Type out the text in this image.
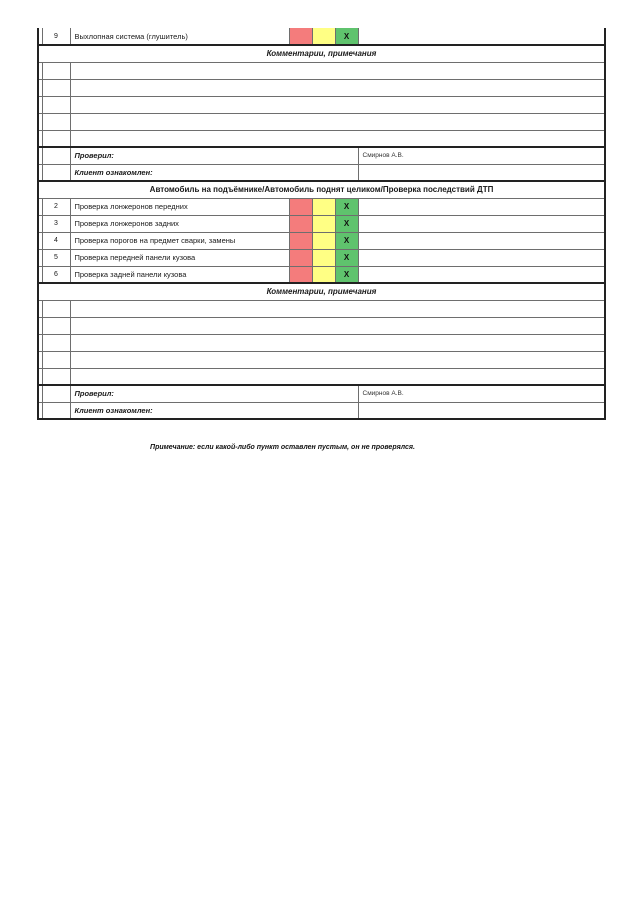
	9	Выхлопная система (глушитель)			X	
Комментарии, примечания						

		Проверил:				Смирнов А.В.
		Клиент ознакомлен:				
Автомобиль на подъёмнике/Автомобиль поднят целиком/Проверка последствий ДТП						
	2	Проверка лонжеронов передних			X	
	3	Проверка лонжеронов задних			X	
	4	Проверка порогов на предмет сварки, замены			X	
	5	Проверка передней панели кузова			X	
	6	Проверка задней панели кузова			X	
Комментарии, примечания						

		Проверил:				Смирнов А.В.
		Клиент ознакомлен:				
Примечание: если какой-либо пункт оставлен пустым, он не проверялся.
